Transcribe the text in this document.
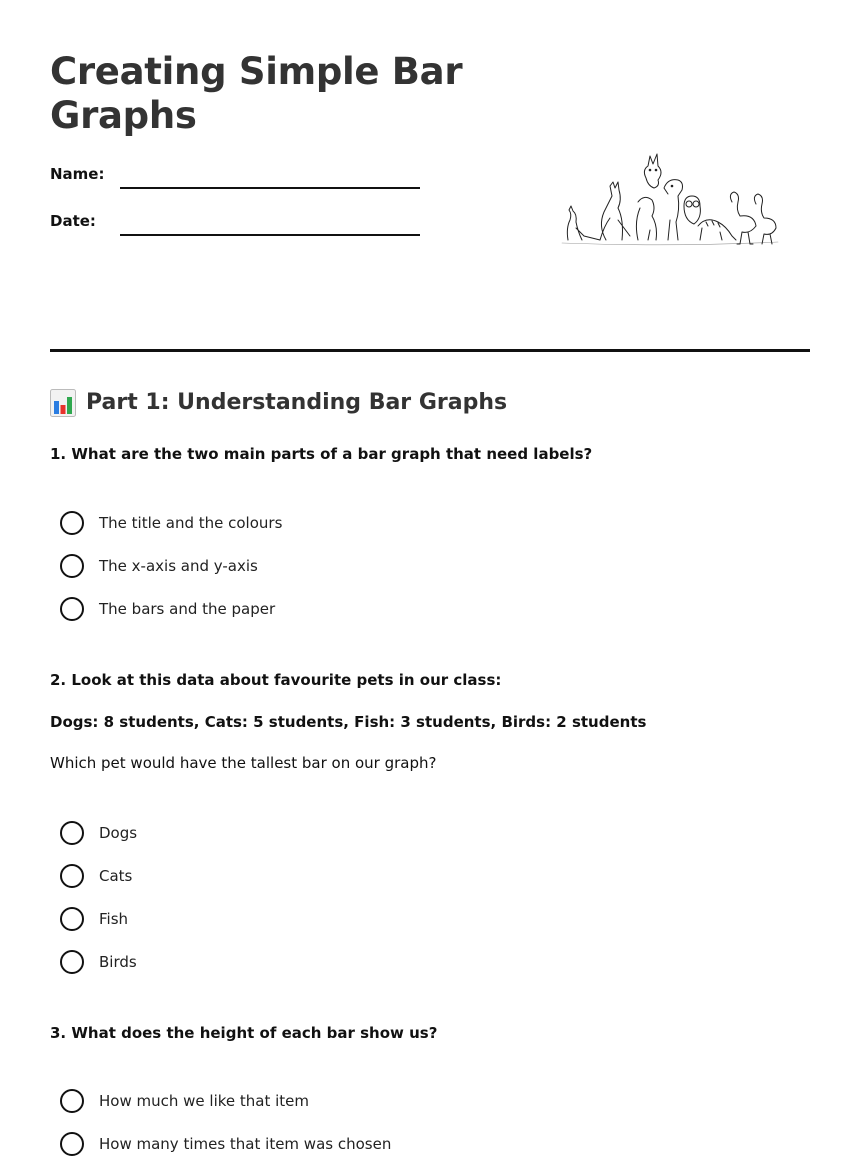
Creating Simple Bar Graphs
Name:
Date:
Part 1: Understanding Bar Graphs
1. What are the two main parts of a bar graph that need labels?
The title and the colours
The x-axis and y-axis
The bars and the paper
2. Look at this data about favourite pets in our class:
Dogs: 8 students, Cats: 5 students, Fish: 3 students, Birds: 2 students
Which pet would have the tallest bar on our graph?
Dogs
Cats
Fish
Birds
3. What does the height of each bar show us?
How much we like that item
How many times that item was chosen
